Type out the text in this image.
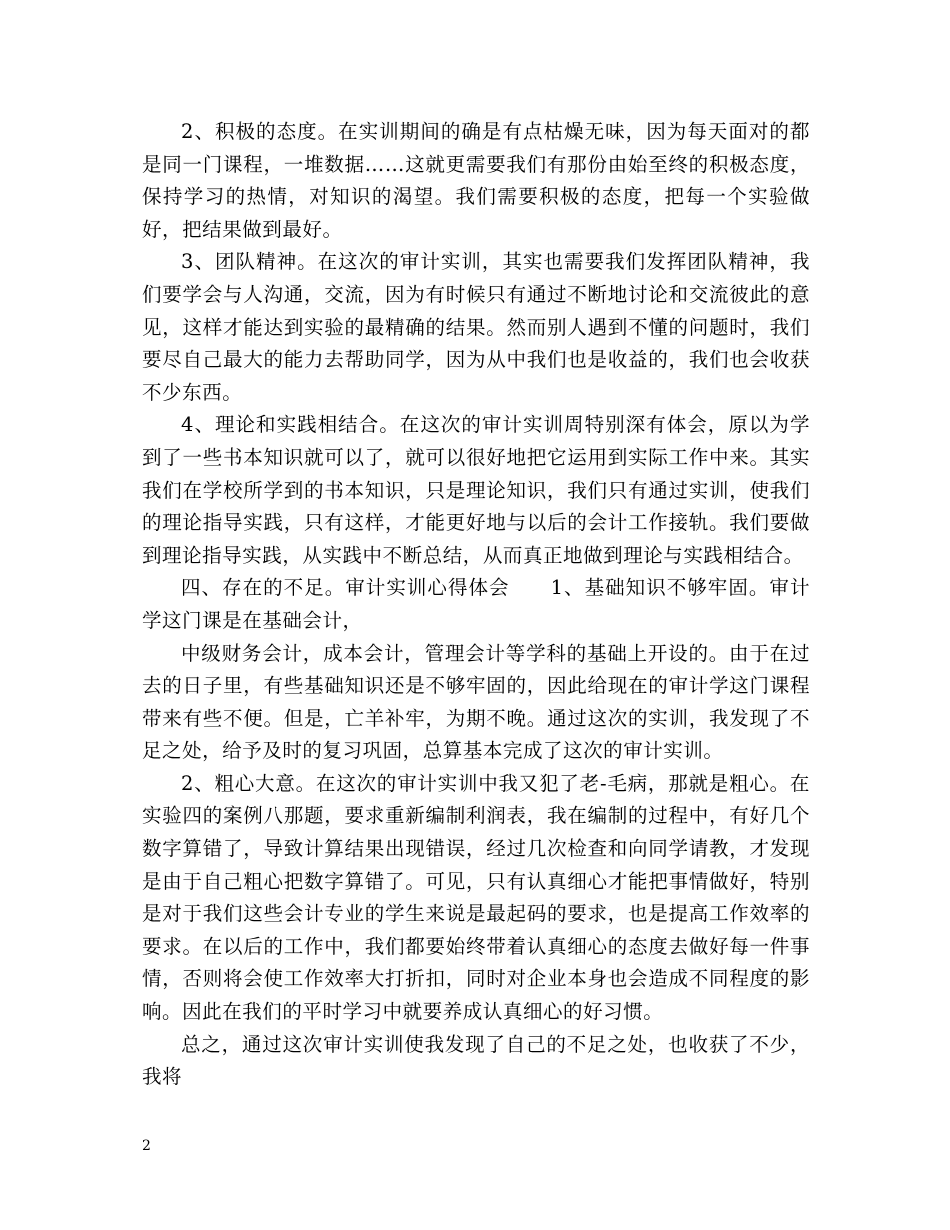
2、积极的态度。在实训期间的确是有点枯燥无味，因为每天面对的都是同一门课程，一堆数据……这就更需要我们有那份由始至终的积极态度，保持学习的热情，对知识的渴望。我们需要积极的态度，把每一个实验做好，把结果做到最好。

3、团队精神。在这次的审计实训，其实也需要我们发挥团队精神，我们要学会与人沟通，交流，因为有时候只有通过不断地讨论和交流彼此的意见，这样才能达到实验的最精确的结果。然而别人遇到不懂的问题时，我们要尽自己最大的能力去帮助同学，因为从中我们也是收益的，我们也会收获不少东西。

4、理论和实践相结合。在这次的审计实训周特别深有体会，原以为学到了一些书本知识就可以了，就可以很好地把它运用到实际工作中来。其实我们在学校所学到的书本知识，只是理论知识，我们只有通过实训，使我们的理论指导实践，只有这样，才能更好地与以后的会计工作接轨。我们要做到理论指导实践，从实践中不断总结，从而真正地做到理论与实践相结合。

四、存在的不足。审计实训心得体会　　1、基础知识不够牢固。审计学这门课是在基础会计，

中级财务会计，成本会计，管理会计等学科的基础上开设的。由于在过去的日子里，有些基础知识还是不够牢固的，因此给现在的审计学这门课程带来有些不便。但是，亡羊补牢，为期不晚。通过这次的实训，我发现了不足之处，给予及时的复习巩固，总算基本完成了这次的审计实训。

2、粗心大意。在这次的审计实训中我又犯了老-毛病，那就是粗心。在实验四的案例八那题，要求重新编制利润表，我在编制的过程中，有好几个数字算错了，导致计算结果出现错误，经过几次检查和向同学请教，才发现是由于自己粗心把数字算错了。可见，只有认真细心才能把事情做好，特别是对于我们这些会计专业的学生来说是最起码的要求，也是提高工作效率的要求。在以后的工作中，我们都要始终带着认真细心的态度去做好每一件事情，否则将会使工作效率大打折扣，同时对企业本身也会造成不同程度的影响。因此在我们的平时学习中就要养成认真细心的好习惯。

总之，通过这次审计实训使我发现了自己的不足之处，也收获了不少，我将

2
